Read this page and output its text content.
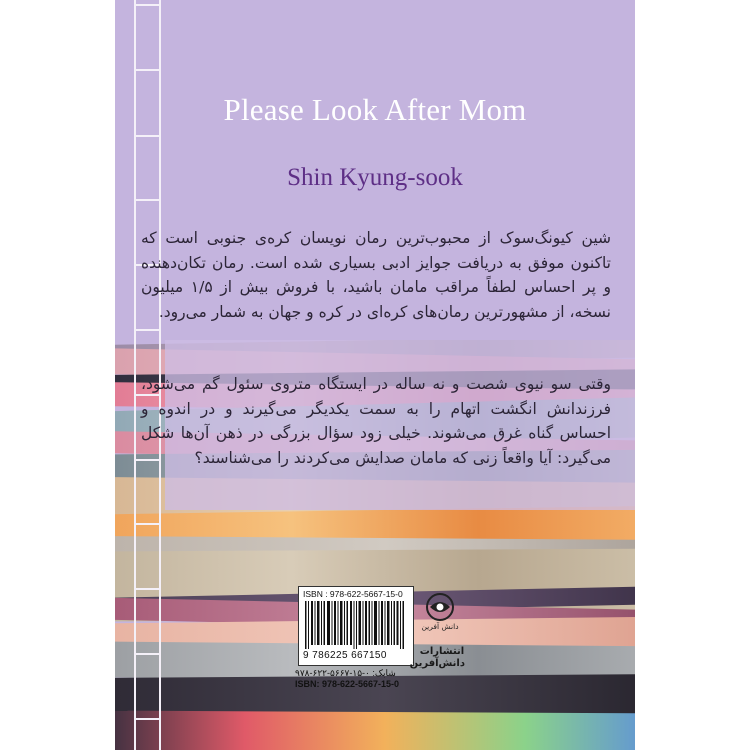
Please Look After Mom
Shin Kyung-sook
شین کیونگ‌سوک از محبوب‌ترین رمان نویسان کره‌ی جنوبی است که تاکنون موفق به دریافت جوایز ادبی بسیاری شده است. رمان تکان‌دهنده و پر احساس لطفاً مراقب مامان باشید، با فروش بیش از ۱/۵ میلیون نسخه، از مشهورترین رمان‌های کره‌ای در کره و جهان به شمار می‌رود.
وقتی سو نیوی شصت و نه ساله در ایستگاه متروی سئول گم می‌شود، فرزندانش انگشت اتهام را به سمت یکدیگر می‌گیرند و در اندوه و احساس گناه غرق می‌شوند. خیلی زود سؤال بزرگی در ذهن آن‌ها شکل می‌گیرد: آیا واقعاً زنی که مامان صدایش می‌کردند را می‌شناسند؟
ISBN : 978-622-5667-15-0
9 786225 667150
شابک: ۰-۱۵-۵۶۶۷-۶۲۲-۹۷۸
ISBN: 978-622-5667-15-0
دانش آفرین
انتشارات دانش‌آفرین
